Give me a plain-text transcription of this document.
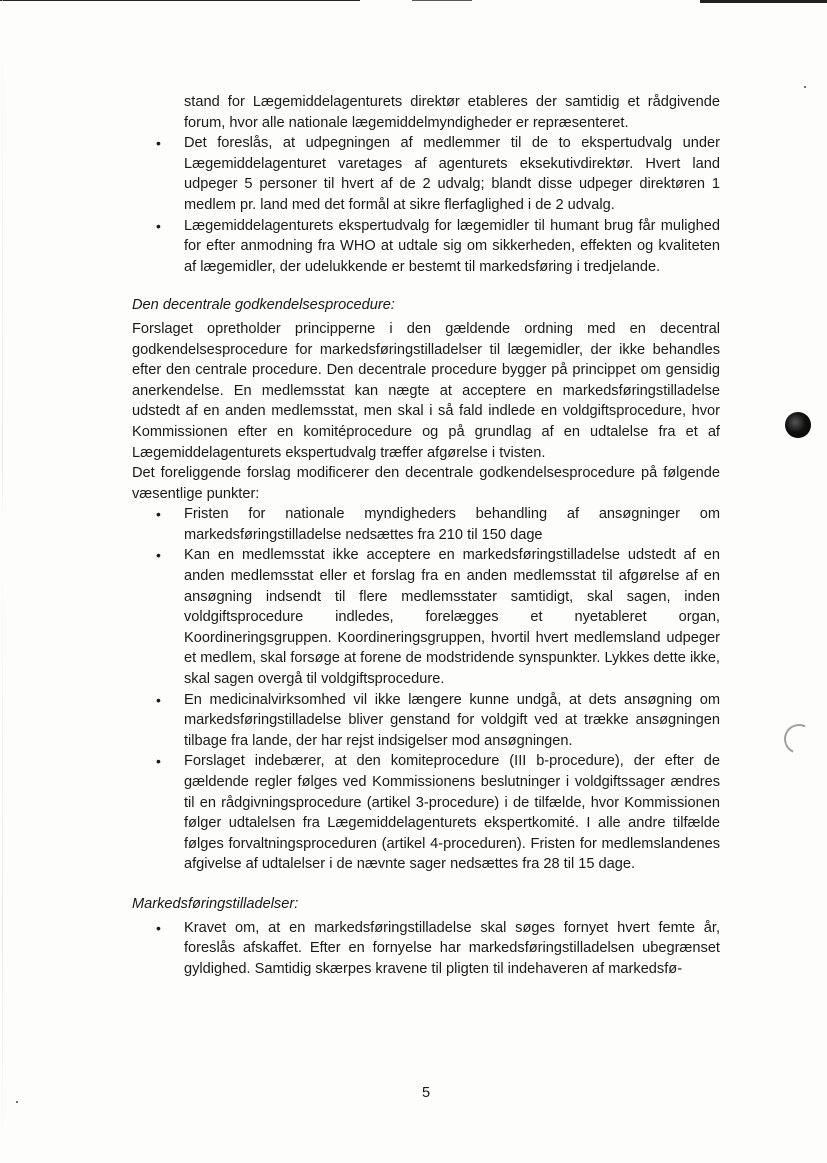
stand for Lægemiddelagenturets direktør etableres der samtidig et rådgivende forum, hvor alle nationale lægemiddelmyndigheder er repræsenteret.

• Det foreslås, at udpegningen af medlemmer til de to ekspertudvalg under Lægemiddelagenturet varetages af agenturets eksekutivdirektør. Hvert land udpeger 5 personer til hvert af de 2 udvalg; blandt disse udpeger direktøren 1 medlem pr. land med det formål at sikre flerfaglighed i de 2 udvalg.
• Lægemiddelagenturets ekspertudvalg for lægemidler til humant brug får mulighed for efter anmodning fra WHO at udtale sig om sikkerheden, effekten og kvaliteten af lægemidler, der udelukkende er bestemt til markedsføring i tredjelande.

Den decentrale godkendelsesprocedure:

Forslaget opretholder principperne i den gældende ordning med en decentral godkendelsesprocedure for markedsføringstilladelser til lægemidler, der ikke behandles efter den centrale procedure. Den decentrale procedure bygger på princippet om gensidig anerkendelse. En medlemsstat kan nægte at acceptere en markedsføringstilladelse udstedt af en anden medlemsstat, men skal i så fald indlede en voldgiftsprocedure, hvor Kommissionen efter en komitéprocedure og på grundlag af en udtalelse fra et af Lægemiddelagenturets ekspertudvalg træffer afgørelse i tvisten.

Det foreliggende forslag modificerer den decentrale godkendelsesprocedure på følgende væsentlige punkter:

• Fristen for nationale myndigheders behandling af ansøgninger om markedsføringstilladelse nedsættes fra 210 til 150 dage
• Kan en medlemsstat ikke acceptere en markedsføringstilladelse udstedt af en anden medlemsstat eller et forslag fra en anden medlemsstat til afgørelse af en ansøgning indsendt til flere medlemsstater samtidigt, skal sagen, inden voldgiftsprocedure indledes, forelægges et nyetableret organ, Koordineringsgruppen. Koordineringsgruppen, hvortil hvert medlemsland udpeger et medlem, skal forsøge at forene de modstridende synspunkter. Lykkes dette ikke, skal sagen overgå til voldgiftsprocedure.
• En medicinalvirksomhed vil ikke længere kunne undgå, at dets ansøgning om markedsføringstilladelse bliver genstand for voldgift ved at trække ansøgningen tilbage fra lande, der har rejst indsigelser mod ansøgningen.
• Forslaget indebærer, at den komiteprocedure (III b-procedure), der efter de gældende regler følges ved Kommissionens beslutninger i voldgiftssager ændres til en rådgivningsprocedure (artikel 3-procedure) i de tilfælde, hvor Kommissionen følger udtalelsen fra Lægemiddelagenturets ekspertkomité. I alle andre tilfælde følges forvaltningsproceduren (artikel 4-proceduren). Fristen for medlemslandenes afgivelse af udtalelser i de nævnte sager nedsættes fra 28 til 15 dage.

Markedsføringstilladelser:

• Kravet om, at en markedsføringstilladelse skal søges fornyet hvert femte år, foreslås afskaffet. Efter en fornyelse har markedsføringstilladelsen ubegrænset gyldighed. Samtidig skærpes kravene til pligten til indehaveren af markedsfø-
5
